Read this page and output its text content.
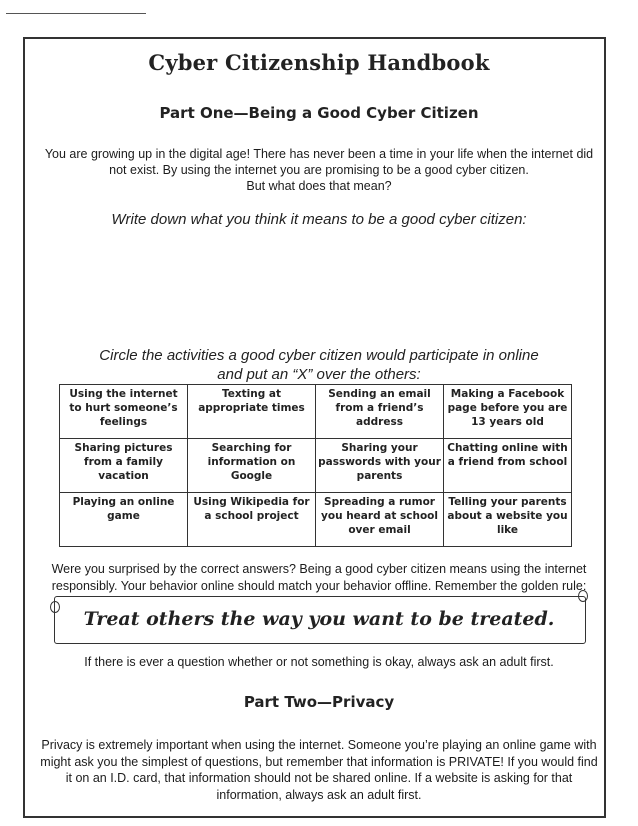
Cyber Citizenship Handbook
Part One—Being a Good Cyber Citizen
You are growing up in the digital age! There has never been a time in your life when the internet did
not exist. By using the internet you are promising to be a good cyber citizen.
But what does that mean?
Write down what you think it means to be a good cyber citizen:
Circle the activities a good cyber citizen would participate in online
and put an “X” over the others:
Using the internet to hurt someone’s feelings	Texting at appropriate times	Sending an email from a friend’s address	Making a Facebook page before you are 13 years old
Sharing pictures from a family vacation	Searching for information on Google	Sharing your passwords with your parents	Chatting online with a friend from school
Playing an online game	Using Wikipedia for a school project	Spreading a rumor you heard at school over email	Telling your parents about a website you like
Were you surprised by the correct answers? Being a good cyber citizen means using the internet
responsibly. Your behavior online should match your behavior offline. Remember the golden rule:
Treat others the way you want to be treated.
If there is ever a question whether or not something is okay, always ask an adult first.
Part Two—Privacy
Privacy is extremely important when using the internet. Someone you’re playing an online game with
might ask you the simplest of questions, but remember that information is PRIVATE! If you would find
it on an I.D. card, that information should not be shared online. If a website is asking for that
information, always ask an adult first.
